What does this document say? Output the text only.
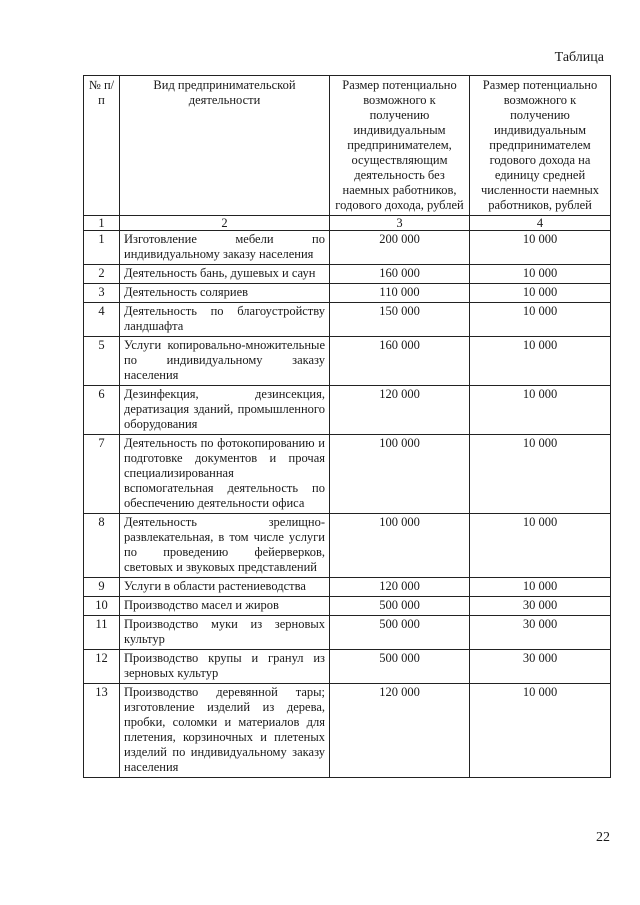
Таблица
№ п/п	Вид предпринимательской деятельности	Размер потенциально возможного к получению индивидуальным предпринимателем, осуществляющим деятельность без наемных работников, годового дохода, рублей	Размер потенциально возможного к получению индивидуальным предпринимателем годового дохода на единицу средней численности наемных работников, рублей
1	2	3	4
1	Изготовление мебели по индивидуальному заказу населения	200 000	10 000
2	Деятельность бань, душевых и саун	160 000	10 000
3	Деятельность соляриев	110 000	10 000
4	Деятельность по благоустройству ландшафта	150 000	10 000
5	Услуги копировально-множительные по индивидуальному заказу населения	160 000	10 000
6	Дезинфекция, дезинсекция, дератизация зданий, промышленного оборудования	120 000	10 000
7	Деятельность по фотокопированию и подготовке документов и прочая специализированная вспомогательная деятельность по обеспечению деятельности офиса	100 000	10 000
8	Деятельность зрелищно-развлекательная, в том числе услуги по проведению фейерверков, световых и звуковых представлений	100 000	10 000
9	Услуги в области растениеводства	120 000	10 000
10	Производство масел и жиров	500 000	30 000
11	Производство муки из зерновых культур	500 000	30 000
12	Производство крупы и гранул из зерновых культур	500 000	30 000
13	Производство деревянной тары; изготовление изделий из дерева, пробки, соломки и материалов для плетения, корзиночных и плетеных изделий по индивидуальному заказу населения	120 000	10 000
22
